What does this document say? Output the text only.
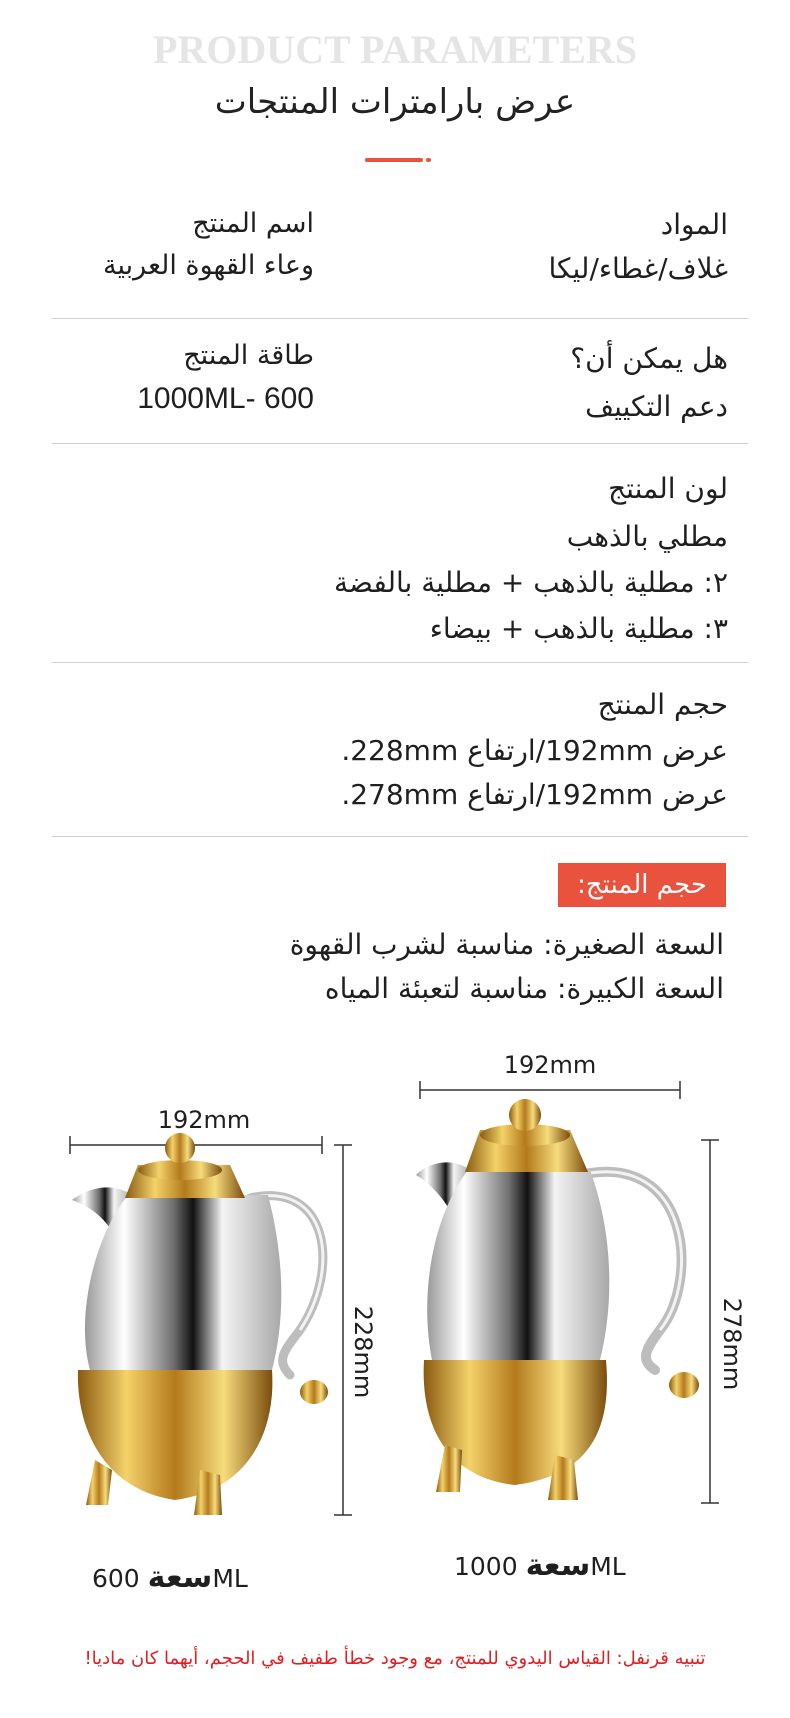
PRODUCT PARAMETERS
عرض بارامترات المنتجات
المواد
غلاف/غطاء/ليكا
اسم المنتج
وعاء القهوة العربية
هل يمكن أن؟
دعم التكييف
طاقة المنتج
1000ML- 600
لون المنتج
مطلي بالذهب
٢: مطلية بالذهب + مطلية بالفضة
٣: مطلية بالذهب + بيضاء
حجم المنتج
عرض 192mm/ارتفاع 228mm.
عرض 192mm/ارتفاع 278mm.
حجم المنتج:
السعة الصغيرة: مناسبة لشرب القهوة
السعة الكبيرة: مناسبة لتعبئة المياه
192mm
192mm
228mm	278mm
سعة 600ML	سعة 1000ML
تنبيه قرنفل: القياس اليدوي للمنتج، مع وجود خطأ طفيف في الحجم، أيهما كان ماديا!
